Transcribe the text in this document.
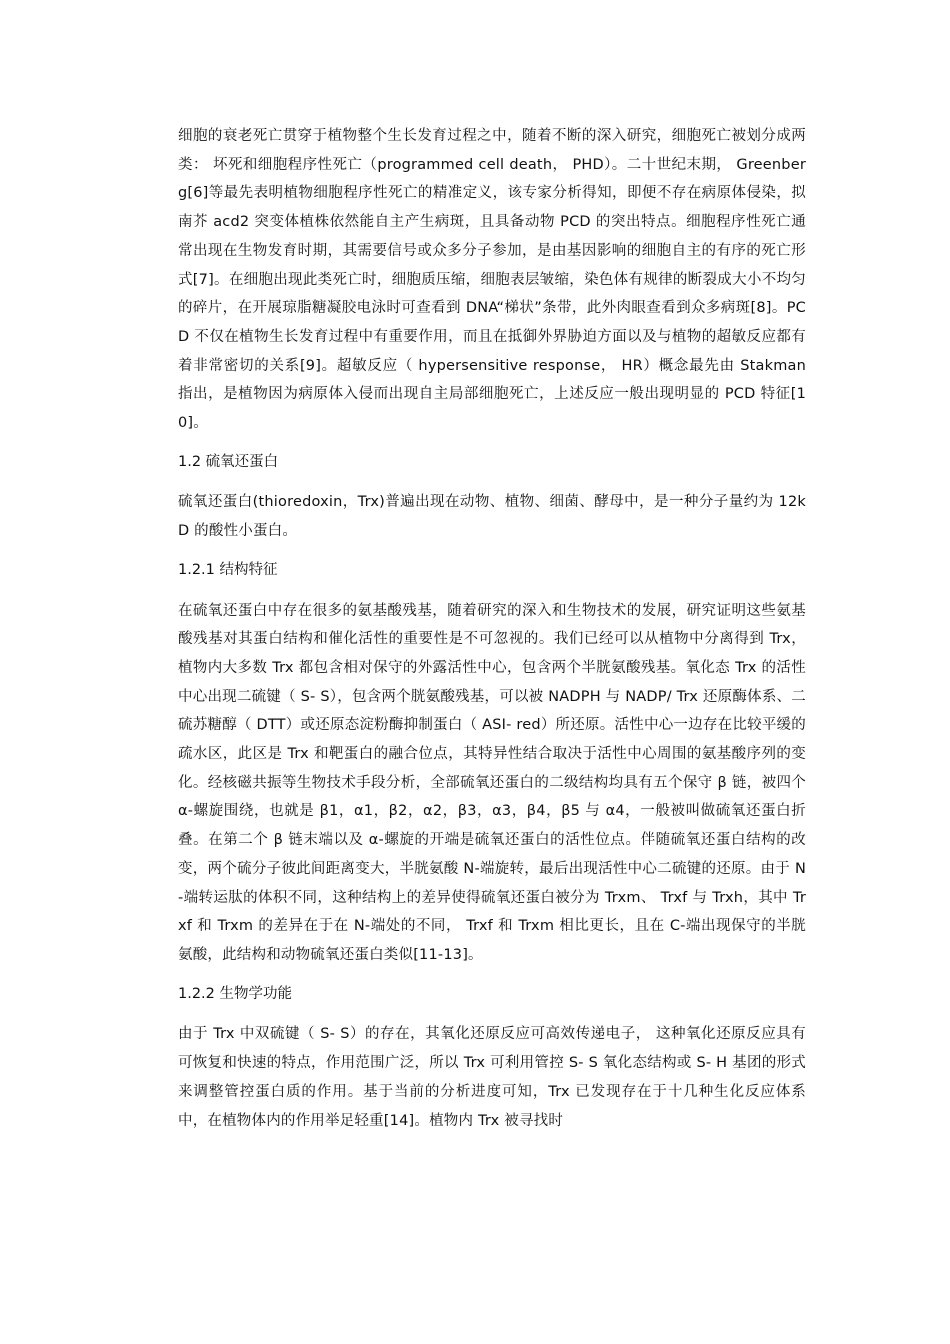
细胞的衰老死亡贯穿于植物整个生长发育过程之中，随着不断的深入研究，细胞死亡被划分成两类： 坏死和细胞程序性死亡（programmed cell death， PHD）。二十世纪末期， Greenberg[6]等最先表明植物细胞程序性死亡的精准定义，该专家分析得知，即便不存在病原体侵染，拟南芥 acd2 突变体植株依然能自主产生病斑，且具备动物 PCD 的突出特点。细胞程序性死亡通常出现在生物发育时期，其需要信号或众多分子参加，是由基因影响的细胞自主的有序的死亡形式[7]。在细胞出现此类死亡时，细胞质压缩，细胞表层皱缩，染色体有规律的断裂成大小不均匀的碎片，在开展琼脂糖凝胶电泳时可查看到 DNA“梯状”条带，此外肉眼查看到众多病斑[8]。PCD 不仅在植物生长发育过程中有重要作用，而且在抵御外界胁迫方面以及与植物的超敏反应都有着非常密切的关系[9]。超敏反应（ hypersensitive response， HR）概念最先由 Stakman 指出，是植物因为病原体入侵而出现自主局部细胞死亡，上述反应一般出现明显的 PCD 特征[10]。

1.2 硫氧还蛋白

硫氧还蛋白(thioredoxin，Trx)普遍出现在动物、植物、细菌、酵母中，是一种分子量约为 12kD 的酸性小蛋白。

1.2.1 结构特征

在硫氧还蛋白中存在很多的氨基酸残基，随着研究的深入和生物技术的发展，研究证明这些氨基酸残基对其蛋白结构和催化活性的重要性是不可忽视的。我们已经可以从植物中分离得到 Trx，植物内大多数 Trx 都包含相对保守的外露活性中心，包含两个半胱氨酸残基。氧化态 Trx 的活性中心出现二硫键（ S- S），包含两个胱氨酸残基，可以被 NADPH 与 NADP/ Trx 还原酶体系、二硫苏糖醇（ DTT）或还原态淀粉酶抑制蛋白（ ASI- red）所还原。活性中心一边存在比较平缓的疏水区，此区是 Trx 和靶蛋白的融合位点，其特异性结合取决于活性中心周围的氨基酸序列的变化。经核磁共振等生物技术手段分析，全部硫氧还蛋白的二级结构均具有五个保守 β 链，被四个 α-螺旋围绕，也就是 β1，α1，β2，α2，β3，α3，β4，β5 与 α4，一般被叫做硫氧还蛋白折叠。在第二个 β 链末端以及 α-螺旋的开端是硫氧还蛋白的活性位点。伴随硫氧还蛋白结构的改变，两个硫分子彼此间距离变大，半胱氨酸 N-端旋转，最后出现活性中心二硫键的还原。由于 N-端转运肽的体积不同，这种结构上的差异使得硫氧还蛋白被分为 Trxm、 Trxf 与 Trxh，其中 Trxf 和 Trxm 的差异在于在 N-端处的不同， Trxf 和 Trxm 相比更长，且在 C-端出现保守的半胱氨酸，此结构和动物硫氧还蛋白类似[11-13]。

1.2.2 生物学功能

由于 Trx 中双硫键（ S- S）的存在，其氧化还原反应可高效传递电子， 这种氧化还原反应具有可恢复和快速的特点，作用范围广泛，所以 Trx 可利用管控 S- S 氧化态结构或 S- H 基团的形式来调整管控蛋白质的作用。基于当前的分析进度可知，Trx 已发现存在于十几种生化反应体系中，在植物体内的作用举足轻重[14]。植物内 Trx 被寻找时
